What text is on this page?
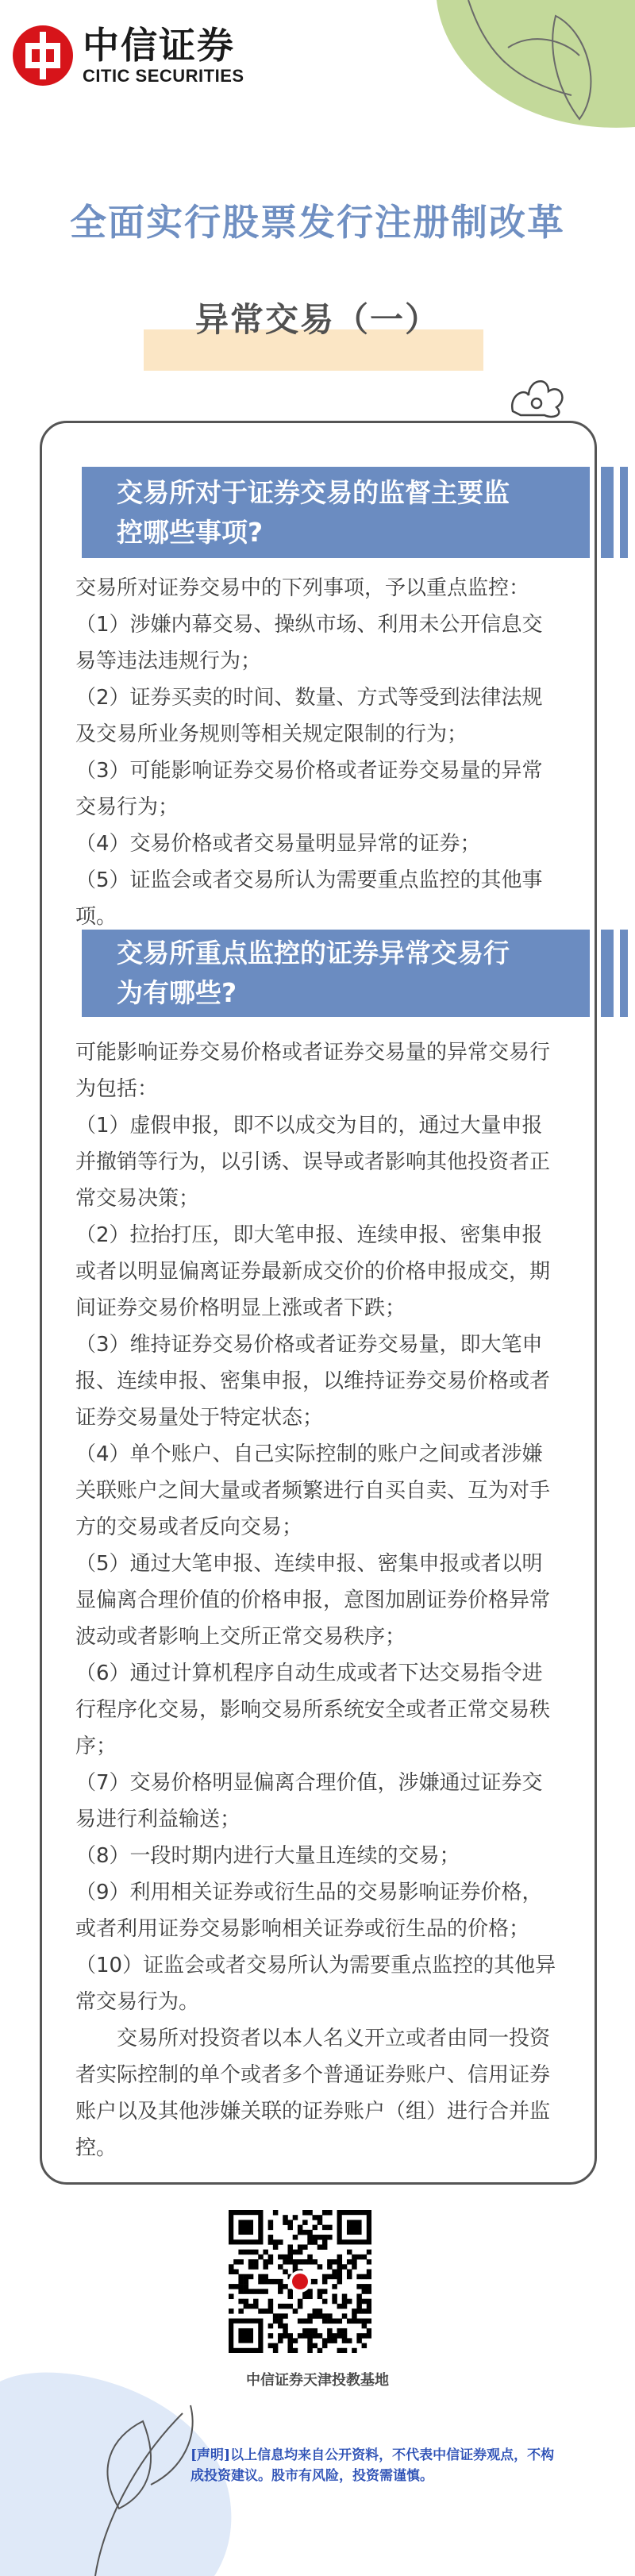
中信证券
CITIC SECURITIES
全面实行股票发行注册制改革
异常交易（一）
交易所对于证券交易的监督主要监
控哪些事项?

交易所对证券交易中的下列事项，予以重点监控：

（1）涉嫌内幕交易、操纵市场、利用未公开信息交易等违法违规行为；

（2）证券买卖的时间、数量、方式等受到法律法规及交易所业务规则等相关规定限制的行为；

（3）可能影响证券交易价格或者证券交易量的异常交易行为；

（4）交易价格或者交易量明显异常的证券；

（5）证监会或者交易所认为需要重点监控的其他事项。

交易所重点监控的证券异常交易行
为有哪些?

可能影响证券交易价格或者证券交易量的异常交易行为包括：

（1）虚假申报，即不以成交为目的，通过大量申报并撤销等行为，以引诱、误导或者影响其他投资者正常交易决策；

（2）拉抬打压，即大笔申报、连续申报、密集申报或者以明显偏离证券最新成交价的价格申报成交，期间证券交易价格明显上涨或者下跌；

（3）维持证券交易价格或者证券交易量，即大笔申报、连续申报、密集申报，以维持证券交易价格或者证券交易量处于特定状态；

（4）单个账户、自己实际控制的账户之间或者涉嫌关联账户之间大量或者频繁进行自买自卖、互为对手方的交易或者反向交易；

（5）通过大笔申报、连续申报、密集申报或者以明显偏离合理价值的价格申报，意图加剧证券价格异常波动或者影响上交所正常交易秩序；

（6）通过计算机程序自动生成或者下达交易指令进行程序化交易，影响交易所系统安全或者正常交易秩序；

（7）交易价格明显偏离合理价值，涉嫌通过证券交易进行利益输送；

（8）一段时期内进行大量且连续的交易；

（9）利用相关证券或衍生品的交易影响证券价格，或者利用证券交易影响相关证券或衍生品的价格；

（10）证监会或者交易所认为需要重点监控的其他异常交易行为。

交易所对投资者以本人名义开立或者由同一投资者实际控制的单个或者多个普通证券账户、信用证券账户以及其他涉嫌关联的证券账户（组）进行合并监控。

中信证券天津投教基地
[声明]以上信息均来自公开资料，不代表中信证券观点，不构成投资建议。股市有风险，投资需谨慎。
